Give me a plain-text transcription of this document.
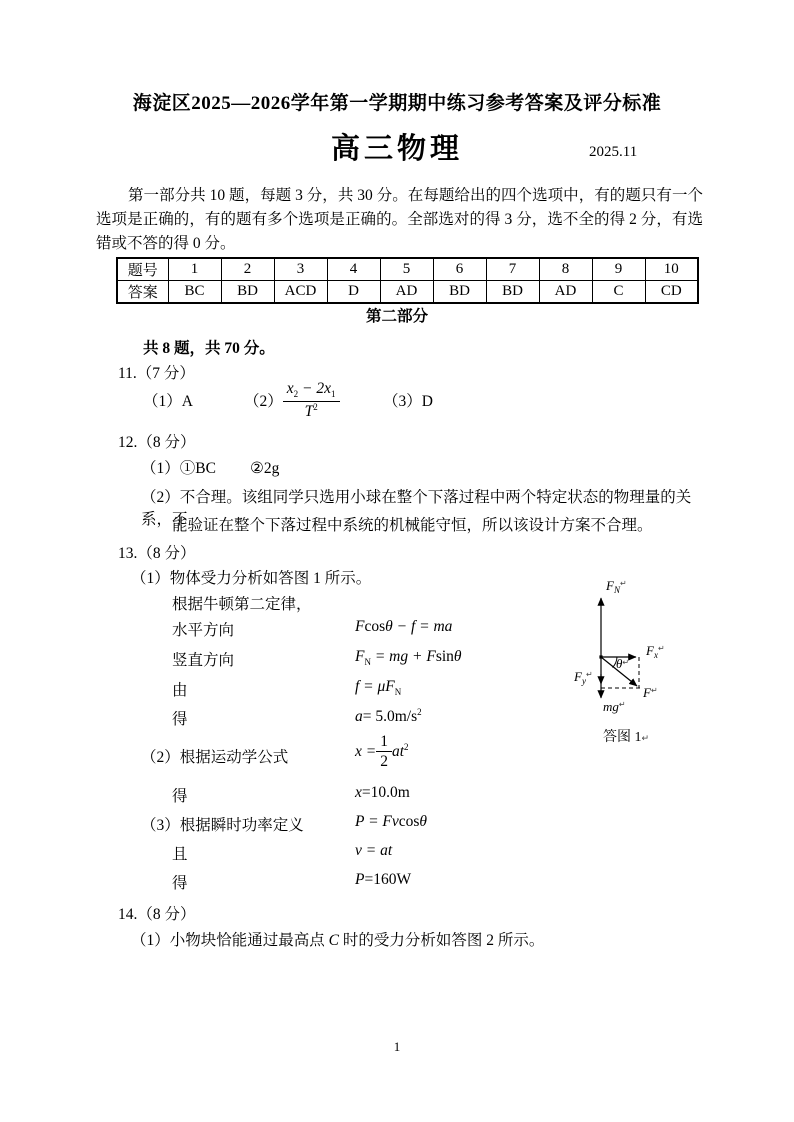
海淀区2025—2026学年第一学期期中练习参考答案及评分标准
高三物理	2025.11
第一部分共 10 题，每题 3 分，共 30 分。在每题给出的四个选项中，有的题只有一个选项是正确的，有的题有多个选项是正确的。全部选对的得 3 分，选不全的得 2 分，有选错或不答的得 0 分。
题号	1	2	3	4	5	6	7	8	9	10
答案	BC	BD	ACD	D	AD	BD	BD	AD	C	CD
第二部分
共 8 题，共 70 分。
11.（7 分）
（1）A	$(2) \frac{x_2 - 2x_1}{T^2}$	（3）D
12.（8 分）
（1）①BC ②2g
（2）不合理。该组同学只选用小球在整个下落过程中两个特定状态的物理量的关系，不
能验证在整个下落过程中系统的机械能守恒，所以该设计方案不合理。
13.（8 分）
（1）物体受力分析如答图 1 所示。
根据牛顿第二定律，
水平方向	Fcosθ − f = ma
竖直方向	$F_N$ = mg + Fsinθ
由	$f = \mu F_N$
得	$a= 5.0m/s^2$
（2）根据运动学公式	$x = \frac{1}{2} at^2$
得	x=10.0m
（3）根据瞬时功率定义	P = Fvcosθ
且	v = at
得	P=160W
$F_N^↵$
$F_x^↵$
$F_y^↵$
F↵
mg↵
θ↵
答图 1↵
14.（8 分）
（1）小物块恰能通过最高点 C 时的受力分析如答图 2 所示。
1
